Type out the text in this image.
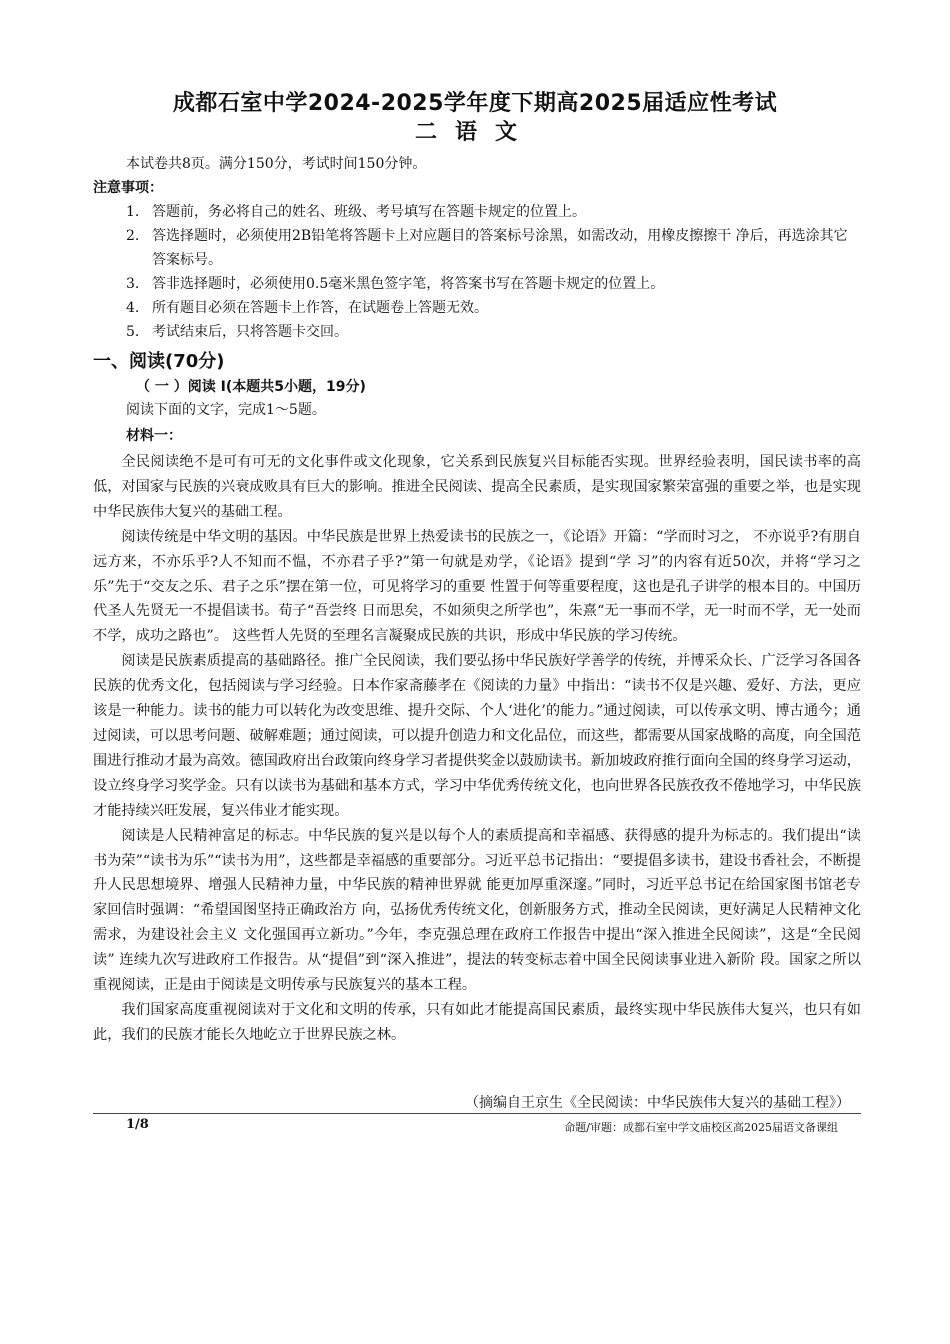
成都石室中学2024-2025学年度下期高2025届适应性考试
二语文
本试卷共8页。满分150分，考试时间150分钟。
注意事项：
1. 答题前，务必将自己的姓名、班级、考号填写在答题卡规定的位置上。
2. 答选择题时，必须使用2B铅笔将答题卡上对应题目的答案标号涂黑，如需改动，用橡皮擦擦干 净后，再选涂其它答案标号。
3. 答非选择题时，必须使用0.5毫米黑色签字笔，将答案书写在答题卡规定的位置上。
4. 所有题目必须在答题卡上作答，在试题卷上答题无效。
5. 考试结束后，只将答题卡交回。
一、阅读(70分)
（ 一 ）阅读 I(本题共5小题，19分)
阅读下面的文字，完成1～5题。
材料一：

全民阅读绝不是可有可无的文化事件或文化现象，它关系到民族复兴目标能否实现。世界经验表明，国民读书率的高低，对国家与民族的兴衰成败具有巨大的影响。推进全民阅读、提高全民素质，是实现国家繁荣富强的重要之举，也是实现中华民族伟大复兴的基础工程。

阅读传统是中华文明的基因。中华民族是世界上热爱读书的民族之一，《论语》开篇：“学而时习之， 不亦说乎?有朋自远方来，不亦乐乎?人不知而不愠，不亦君子乎?”第一句就是劝学，《论语》提到“学 习”的内容有近50次，并将“学习之乐”先于“交友之乐、君子之乐”摆在第一位，可见将学习的重要 性置于何等重要程度，这也是孔子讲学的根本目的。中国历代圣人先贤无一不提倡读书。荀子“吾尝终 日而思矣，不如须臾之所学也”，朱熹“无一事而不学，无一时而不学，无一处而不学，成功之路也”。 这些哲人先贤的至理名言凝聚成民族的共识，形成中华民族的学习传统。

阅读是民族素质提高的基础路径。推广全民阅读，我们要弘扬中华民族好学善学的传统，并博采众长、广泛学习各国各民族的优秀文化，包括阅读与学习经验。日本作家斋藤孝在《阅读的力量》中指出：“读书不仅是兴趣、爱好、方法，更应该是一种能力。读书的能力可以转化为改变思维、提升交际、个人‘进化’的能力。”通过阅读，可以传承文明、博古通今；通过阅读，可以思考问题、破解难题；通过阅读，可以提升创造力和文化品位，而这些，都需要从国家战略的高度，向全国范围进行推动才最为高效。德国政府出台政策向终身学习者提供奖金以鼓励读书。新加坡政府推行面向全国的终身学习运动，设立终身学习奖学金。只有以读书为基础和基本方式，学习中华优秀传统文化，也向世界各民族孜孜不倦地学习，中华民族才能持续兴旺发展，复兴伟业才能实现。

阅读是人民精神富足的标志。中华民族的复兴是以每个人的素质提高和幸福感、获得感的提升为标志的。我们提出“读书为荣”“读书为乐”“读书为用”，这些都是幸福感的重要部分。习近平总书记指出：“要提倡多读书，建设书香社会，不断提升人民思想境界、增强人民精神力量，中华民族的精神世界就 能更加厚重深邃。”同时，习近平总书记在给国家图书馆老专家回信时强调：“希望国图坚持正确政治方 向，弘扬优秀传统文化，创新服务方式，推动全民阅读，更好满足人民精神文化需求，为建设社会主义 文化强国再立新功。”今年，李克强总理在政府工作报告中提出“深入推进全民阅读”，这是“全民阅读” 连续九次写进政府工作报告。从“提倡”到“深入推进”，提法的转变标志着中国全民阅读事业进入新阶 段。国家之所以重视阅读，正是由于阅读是文明传承与民族复兴的基本工程。

我们国家高度重视阅读对于文化和文明的传承，只有如此才能提高国民素质，最终实现中华民族伟大复兴，也只有如此，我们的民族才能长久地屹立于世界民族之林。

（摘编自王京生《全民阅读：中华民族伟大复兴的基础工程》）
1/8	命题/审题：成都石室中学文庙校区高2025届语文备课组
